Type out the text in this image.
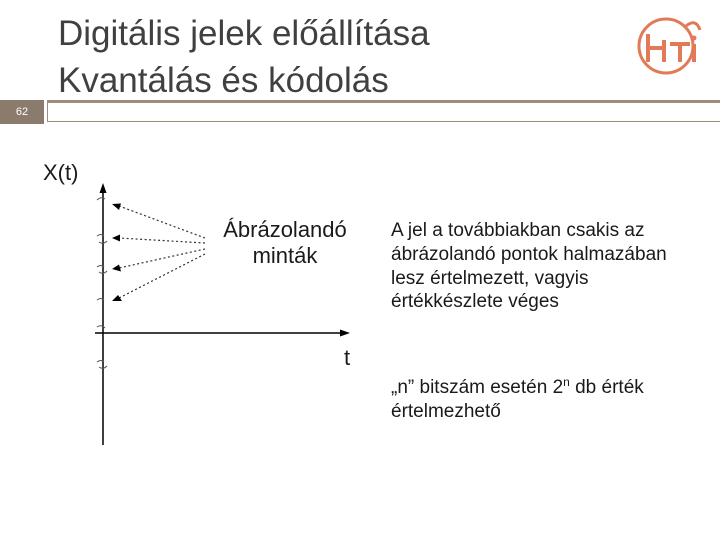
Digitális jelek előállítása
Kvantálás és kódolás
62
X(t)
t
Ábrázolandó
minták
A jel a továbbiakban csakis az ábrázolandó pontok halmazában lesz értelmezett, vagyis értékkészlete véges
„n” bitszám esetén 2$^n$ db érték értelmezhető
